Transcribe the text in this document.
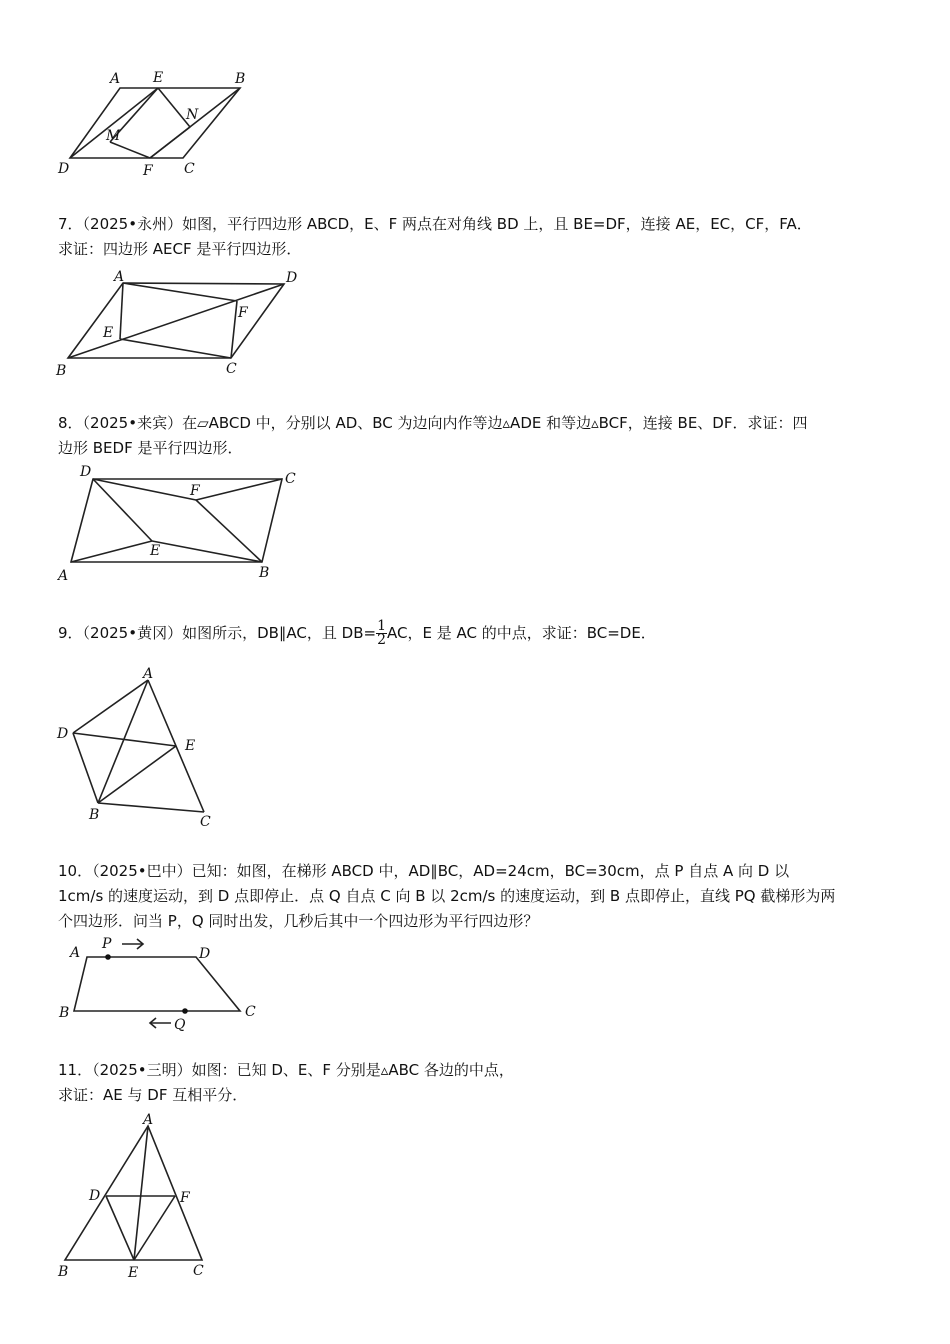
A E	B
N
M
D	F C
7．（2025•永州）如图，平行四边形 ABCD，E、F 两点在对角线 BD 上，且 BE=DF，连接 AE，EC，CF，FA．
求证：四边形 AECF 是平行四边形．
A	D
E
F
B	C
8．（2025•来宾）在▱ABCD 中，分别以 AD、BC 为边向内作等边▵ADE 和等边▵BCF，连接 BE、DF．求证：四
边形 BEDF 是平行四边形．
D	C
F
E
A	B
9．（2025•黄冈）如图所示，DB∥AC，且 $DB= \frac{1}{2}$ AC，E 是 AC 的中点，求证：BC=DE．
A
D
E
B	C
10．（2025•巴中）已知：如图，在梯形 ABCD 中，AD∥BC，AD=24cm，BC=30cm，点 P 自点 A 向 D 以
1cm/s 的速度运动，到 D 点即停止．点 Q 自点 C 向 B 以 2cm/s 的速度运动，到 B 点即停止，直线 PQ 截梯形为两
个四边形．问当 P，Q 同时出发，几秒后其中一个四边形为平行四边形？
A
P
D
B
Q
C
11．（2025•三明）如图：已知 D、E、F 分别是▵ABC 各边的中点，
求证：AE 与 DF 互相平分．
A
D	F
B	E	C
